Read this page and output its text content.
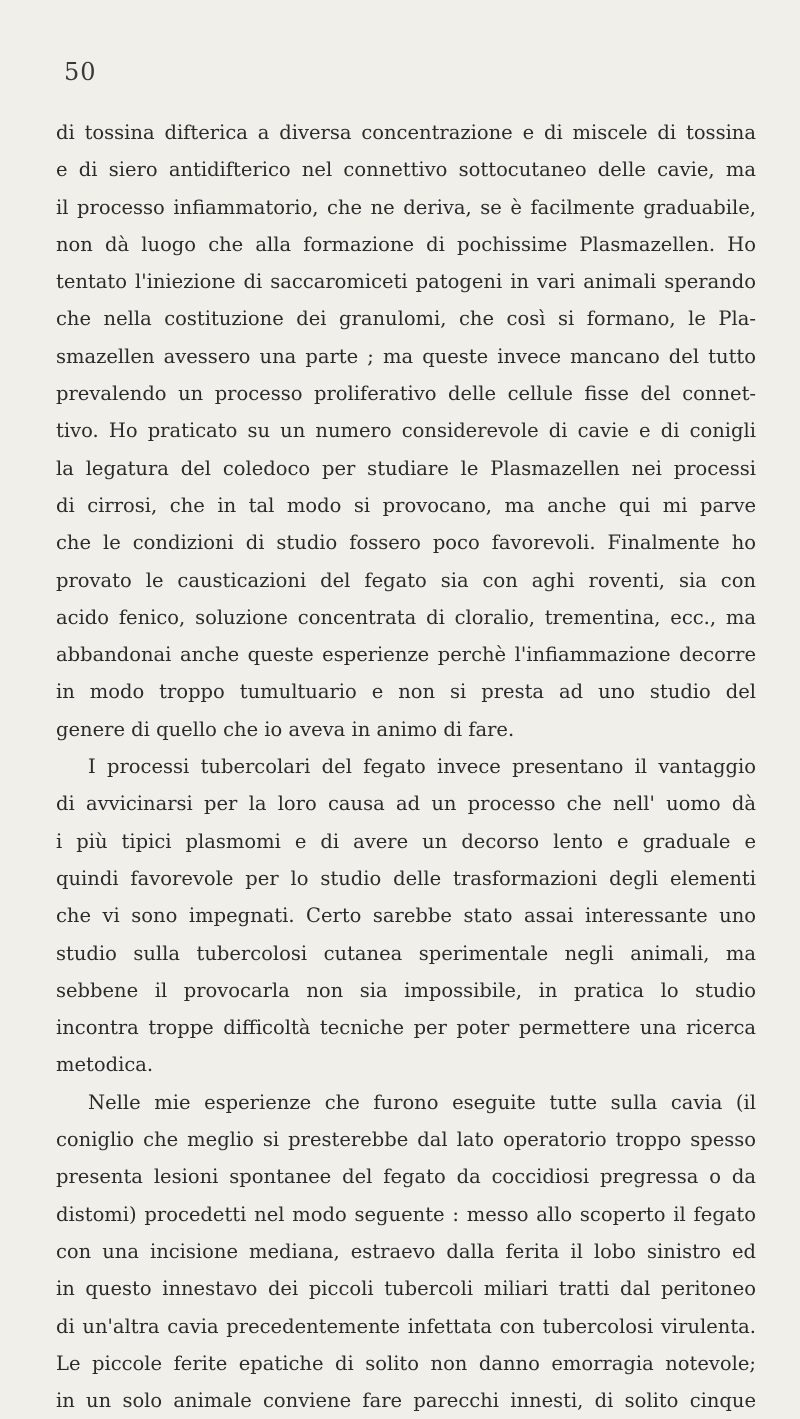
50
di tossina difterica a diversa concentrazione e di miscele di tossina
e di siero antidifterico nel connettivo sottocutaneo delle cavie, ma
il processo infiammatorio, che ne deriva, se è facilmente graduabile,
non dà luogo che alla formazione di pochissime Plasmazellen. Ho
tentato l'iniezione di saccaromiceti patogeni in vari animali sperando
che nella costituzione dei granulomi, che così si formano, le Pla-
smazellen avessero una parte ; ma queste invece mancano del tutto
prevalendo un processo proliferativo delle cellule fisse del connet-
tivo. Ho praticato su un numero considerevole di cavie e di conigli
la legatura del coledoco per studiare le Plasmazellen nei processi
di cirrosi, che in tal modo si provocano, ma anche qui mi parve
che le condizioni di studio fossero poco favorevoli. Finalmente ho
provato le causticazioni del fegato sia con aghi roventi, sia con
acido fenico, soluzione concentrata di cloralio, trementina, ecc., ma
abbandonai anche queste esperienze perchè l'infiammazione decorre
in modo troppo tumultuario e non si presta ad uno studio del
genere di quello che io aveva in animo di fare.
I processi tubercolari del fegato invece presentano il vantaggio
di avvicinarsi per la loro causa ad un processo che nell' uomo dà
i più tipici plasmomi e di avere un decorso lento e graduale e
quindi favorevole per lo studio delle trasformazioni degli elementi
che vi sono impegnati. Certo sarebbe stato assai interessante uno
studio sulla tubercolosi cutanea sperimentale negli animali, ma
sebbene il provocarla non sia impossibile, in pratica lo studio
incontra troppe difficoltà tecniche per poter permettere una ricerca
metodica.
Nelle mie esperienze che furono eseguite tutte sulla cavia (il
coniglio che meglio si presterebbe dal lato operatorio troppo spesso
presenta lesioni spontanee del fegato da coccidiosi pregressa o da
distomi) procedetti nel modo seguente : messo allo scoperto il fegato
con una incisione mediana, estraevo dalla ferita il lobo sinistro ed
in questo innestavo dei piccoli tubercoli miliari tratti dal peritoneo
di un'altra cavia precedentemente infettata con tubercolosi virulenta.
Le piccole ferite epatiche di solito non danno emorragia notevole;
in un solo animale conviene fare parecchi innesti, di solito cinque
